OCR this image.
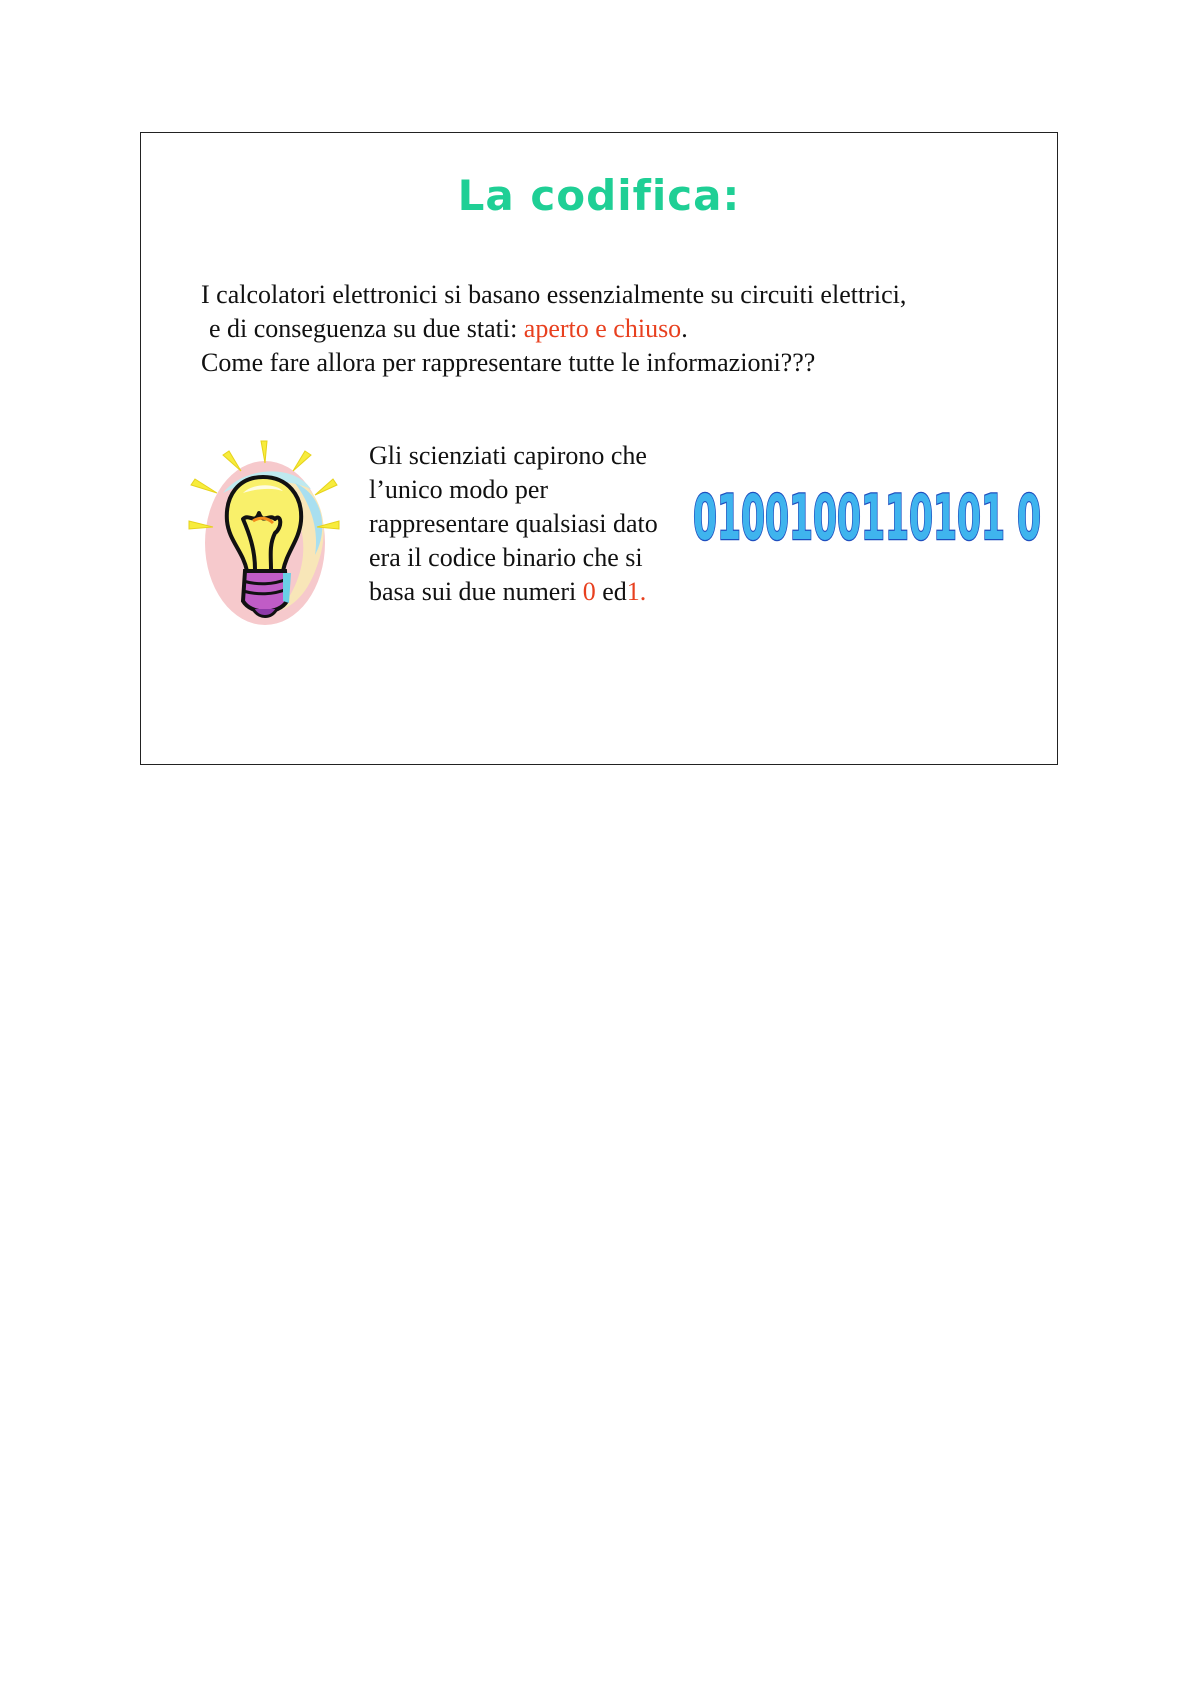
La codifica:
I calcolatori elettronici si basano essenzialmente su circuiti elettrici,
e di conseguenza su due stati: aperto e chiuso.
Come fare allora per rappresentare tutte le informazioni???
Gli scienziati capirono che
l’unico modo per
rappresentare qualsiasi dato
era il codice binario che si
basa sui due numeri 0 ed1.
0100100110101 0
